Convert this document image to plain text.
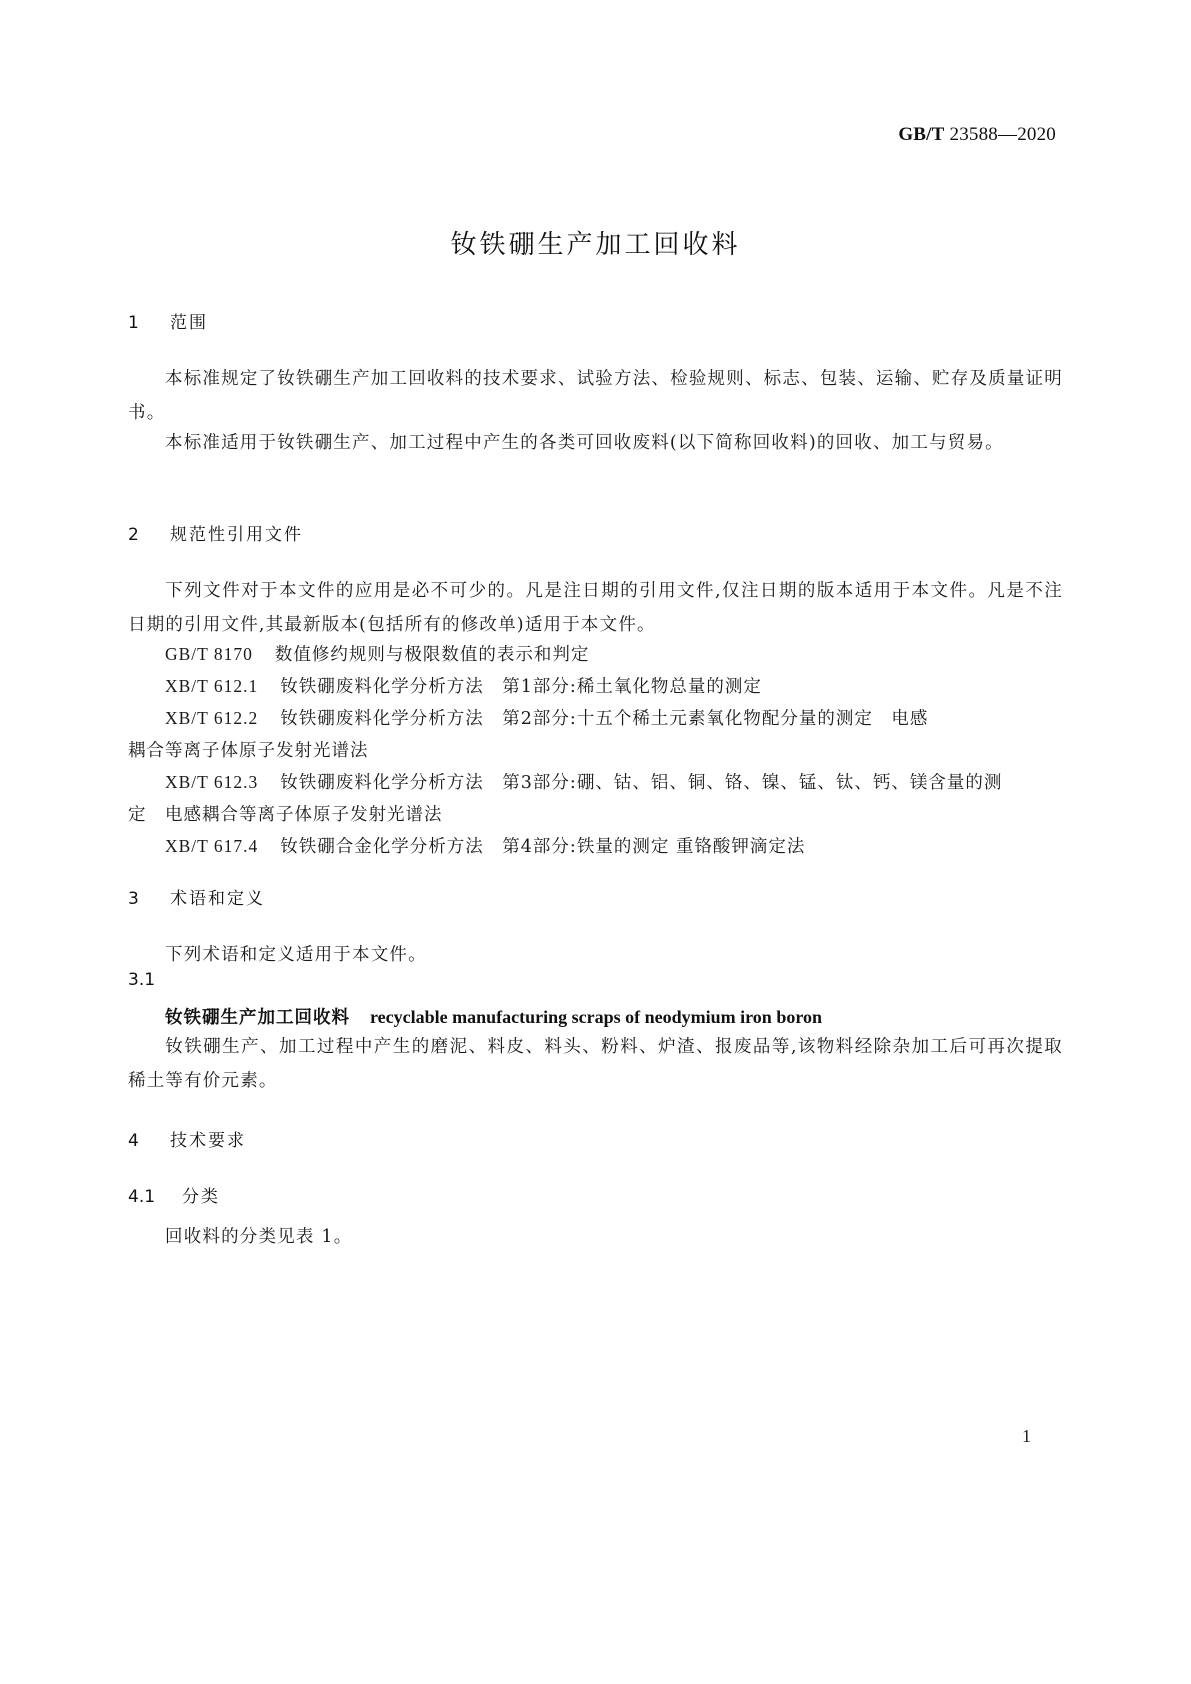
GB/T 23588—2020
钕铁硼生产加工回收料
1 范围
本标准规定了钕铁硼生产加工回收料的技术要求、试验方法、检验规则、标志、包装、运输、贮存及质量证明书。
本标准适用于钕铁硼生产、加工过程中产生的各类可回收废料(以下简称回收料)的回收、加工与贸易。
2 规范性引用文件
下列文件对于本文件的应用是必不可少的。凡是注日期的引用文件,仅注日期的版本适用于本文件。凡是不注日期的引用文件,其最新版本(包括所有的修改单)适用于本文件。
GB/T 8170 数值修约规则与极限数值的表示和判定
XB/T 612.1 钕铁硼废料化学分析方法　第1部分:稀土氧化物总量的测定
XB/T 612.2 钕铁硼废料化学分析方法　第2部分:十五个稀土元素氧化物配分量的测定　电感
耦合等离子体原子发射光谱法
XB/T 612.3 钕铁硼废料化学分析方法　第3部分:硼、钴、铝、铜、铬、镍、锰、钛、钙、镁含量的测
定　电感耦合等离子体原子发射光谱法
XB/T 617.4 钕铁硼合金化学分析方法　第4部分:铁量的测定 重铬酸钾滴定法
3 术语和定义
下列术语和定义适用于本文件。
3.1
钕铁硼生产加工回收料 recyclable manufacturing scraps of neodymium iron boron
钕铁硼生产、加工过程中产生的磨泥、料皮、料头、粉料、炉渣、报废品等,该物料经除杂加工后可再次提取稀土等有价元素。
4 技术要求
4.1 分类
回收料的分类见表 1。
1
